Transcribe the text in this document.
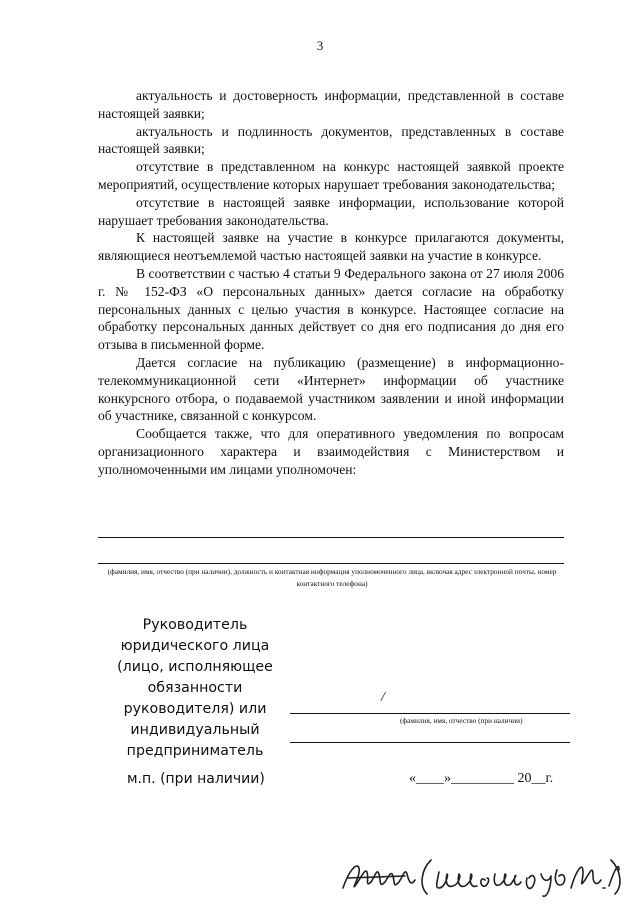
3

актуальность и достоверность информации, представленной в составе настоящей заявки;

актуальность и подлинность документов, представленных в составе настоящей заявки;

отсутствие в представленном на конкурс настоящей заявкой проекте мероприятий, осуществление которых нарушает требования законодательства;

отсутствие в настоящей заявке информации, использование которой нарушает требования законодательства.

К настоящей заявке на участие в конкурсе прилагаются документы, являющиеся неотъемлемой частью настоящей заявки на участие в конкурсе.

В соответствии с частью 4 статьи 9 Федерального закона от 27 июля 2006 г. № 152-ФЗ «О персональных данных» дается согласие на обработку персональных данных с целью участия в конкурсе. Настоящее согласие на обработку персональных данных действует со дня его подписания до дня его отзыва в письменной форме.

Дается согласие на публикацию (размещение) в информационно-телекоммуникационной сети «Интернет» информации об участнике конкурсного отбора, о подаваемой участником заявлении и иной информации об участнике, связанной с конкурсом.

Сообщается также, что для оперативного уведомления по вопросам организационного характера и взаимодействия с Министерством и уполномоченными им лицами уполномочен:

(фамилия, имя, отчество (при наличии), должность и контактная информация уполномоченного лица, включая адрес электронной почты, номер контактного телефона)
Руководитель юридического лица (лицо, исполняющее обязанности руководителя) или индивидуальный предприниматель
/
(фамилия, имя, отчество (при наличии)
м.п. (при наличии)	«____»_________ 20__г.
